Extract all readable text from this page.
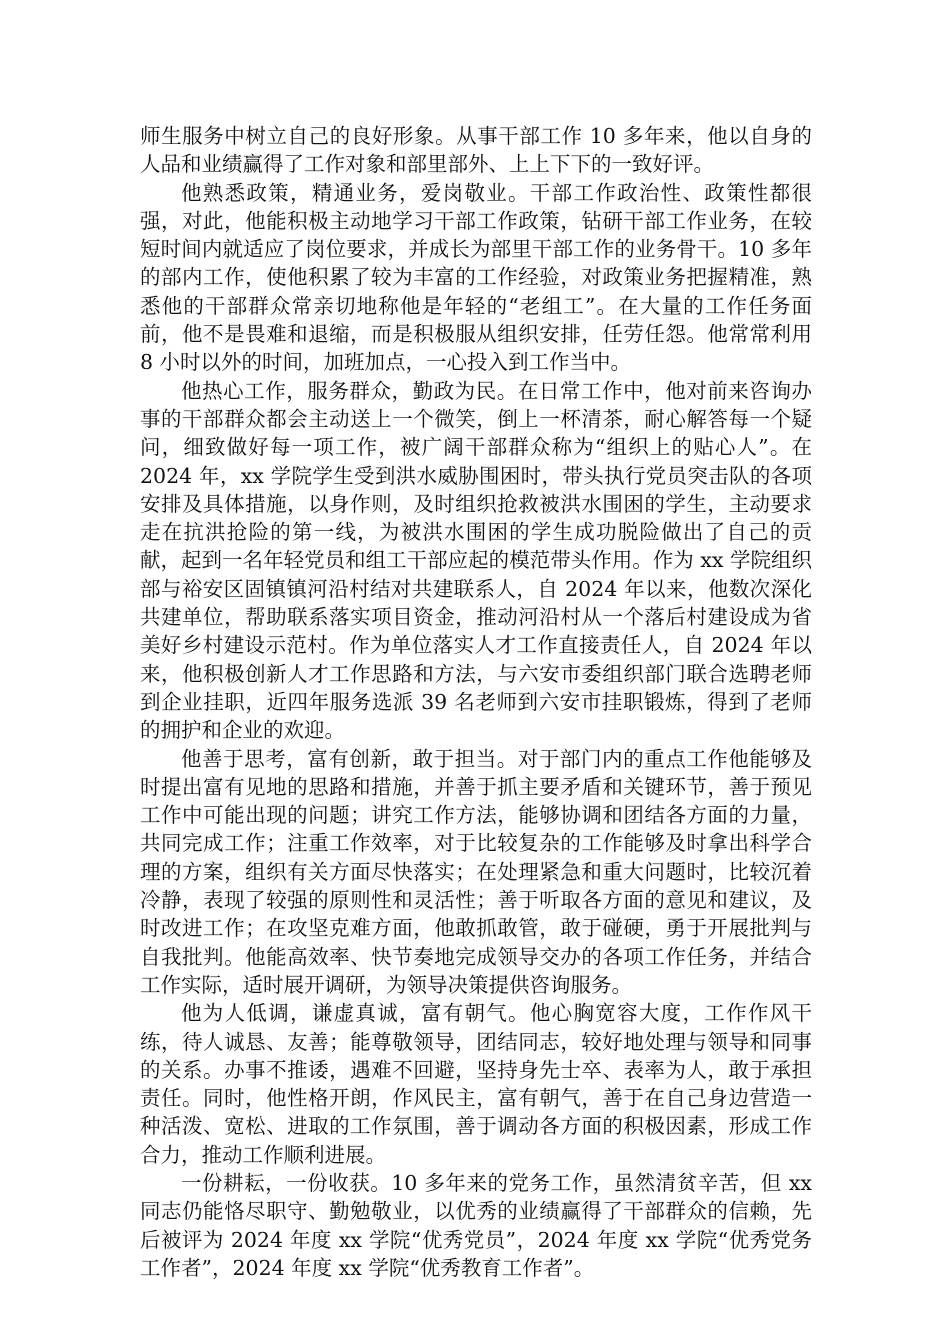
师生服务中树立自己的良好形象。从事干部工作 10 多年来，他以自身的人品和业绩赢得了工作对象和部里部外、上上下下的一致好评。

他熟悉政策，精通业务，爱岗敬业。干部工作政治性、政策性都很强，对此，他能积极主动地学习干部工作政策，钻研干部工作业务，在较短时间内就适应了岗位要求，并成长为部里干部工作的业务骨干。10 多年的部内工作，使他积累了较为丰富的工作经验，对政策业务把握精准，熟悉他的干部群众常亲切地称他是年轻的“老组工”。在大量的工作任务面前，他不是畏难和退缩，而是积极服从组织安排，任劳任怨。他常常利用 8 小时以外的时间，加班加点，一心投入到工作当中。

他热心工作，服务群众，勤政为民。在日常工作中，他对前来咨询办事的干部群众都会主动送上一个微笑，倒上一杯清茶，耐心解答每一个疑问，细致做好每一项工作，被广阔干部群众称为“组织上的贴心人”。在 2024 年，xx 学院学生受到洪水威胁围困时，带头执行党员突击队的各项安排及具体措施，以身作则，及时组织抢救被洪水围困的学生，主动要求走在抗洪抢险的第一线，为被洪水围困的学生成功脱险做出了自己的贡献，起到一名年轻党员和组工干部应起的模范带头作用。作为 xx 学院组织部与裕安区固镇镇河沿村结对共建联系人，自 2024 年以来，他数次深化共建单位，帮助联系落实项目资金，推动河沿村从一个落后村建设成为省美好乡村建设示范村。作为单位落实人才工作直接责任人，自 2024 年以来，他积极创新人才工作思路和方法，与六安市委组织部门联合选聘老师到企业挂职，近四年服务选派 39 名老师到六安市挂职锻炼，得到了老师的拥护和企业的欢迎。

他善于思考，富有创新，敢于担当。对于部门内的重点工作他能够及时提出富有见地的思路和措施，并善于抓主要矛盾和关键环节，善于预见工作中可能出现的问题；讲究工作方法，能够协调和团结各方面的力量，共同完成工作；注重工作效率，对于比较复杂的工作能够及时拿出科学合理的方案，组织有关方面尽快落实；在处理紧急和重大问题时，比较沉着冷静，表现了较强的原则性和灵活性；善于听取各方面的意见和建议，及时改进工作；在攻坚克难方面，他敢抓敢管，敢于碰硬，勇于开展批判与自我批判。他能高效率、快节奏地完成领导交办的各项工作任务，并结合工作实际，适时展开调研，为领导决策提供咨询服务。

他为人低调，谦虚真诚，富有朝气。他心胸宽容大度，工作作风干练，待人诚恳、友善；能尊敬领导，团结同志，较好地处理与领导和同事的关系。办事不推诿，遇难不回避，坚持身先士卒、表率为人，敢于承担责任。同时，他性格开朗，作风民主，富有朝气，善于在自己身边营造一种活泼、宽松、进取的工作氛围，善于调动各方面的积极因素，形成工作合力，推动工作顺利进展。

一份耕耘，一份收获。10 多年来的党务工作，虽然清贫辛苦，但 xx 同志仍能恪尽职守、勤勉敬业，以优秀的业绩赢得了干部群众的信赖，先后被评为 2024 年度 xx 学院“优秀党员”，2024 年度 xx 学院“优秀党务工作者”，2024 年度 xx 学院“优秀教育工作者”。
